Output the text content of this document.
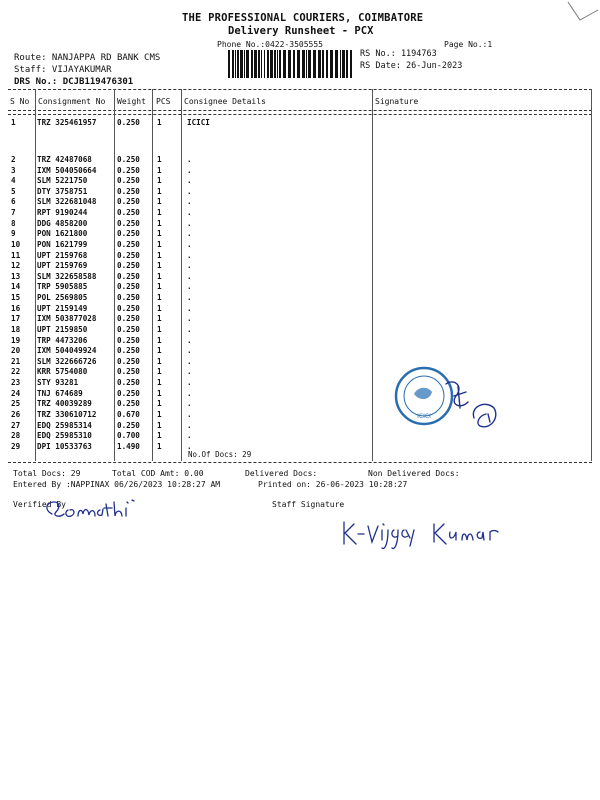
THE PROFESSIONAL COURIERS, COIMBATORE
Delivery Runsheet - PCX
Phone No.:0422-3505555	Page No.:1
Route: NANJAPPA RD BANK CMS
Staff: VIJAYAKUMAR
DRS No.: DCJB119476301
RS No.: 1194763
RS Date: 26-Jun-2023
S No Consignment No Weight PCS Consignee Details	Signature
1	TRZ 325461957	0.250 1	ICICI
2	TRZ 42487068	0.250 1	.
3	IXM 504050664	0.250 1	.
4	SLM 5221750	0.250 1	.
5	DTY 3758751	0.250 1	.
6	SLM 322681048	0.250 1	.
7	RPT 9190244	0.250 1	.
8	DDG 4858200	0.250 1	.
9	PON 1621800	0.250 1	.
10 PON 1621799	0.250 1	.
11 UPT 2159768	0.250 1	.
12 UPT 2159769	0.250 1	.
13 SLM 322658588	0.250 1	.
14 TRP 5905885	0.250 1	.
15 POL 2569805	0.250 1	.
16 UPT 2159149	0.250 1	.
17 IXM 503877028	0.250 1	.
18 UPT 2159850	0.250 1	.
19 TRP 4473206	0.250 1	.
20 IXM 504049924	0.250 1	.
21 SLM 322666726	0.250 1	.
22 KRR 5754080	0.250 1	.
23 STY 93281	0.250 1	.
24 TNJ 674689	0.250 1	.
25 TRZ 40039289	0.250 1	.
26 TRZ 330610712	0.670 1	.
27 EDQ 25985314	0.250 1	.
28 EDQ 25985310	0.700 1	.
29 DPI 10533763	1.490 1	.
No.Of Docs: 29
Total Docs: 29	Total COD Amt: 0.00	Delivered Docs:	Non Delivered Docs:
Entered By :NAPPINAX 06/26/2023 10:28:27 AM	Printed on: 26-06-2023 10:28:27
Verified By	Staff Signature
ICICI
